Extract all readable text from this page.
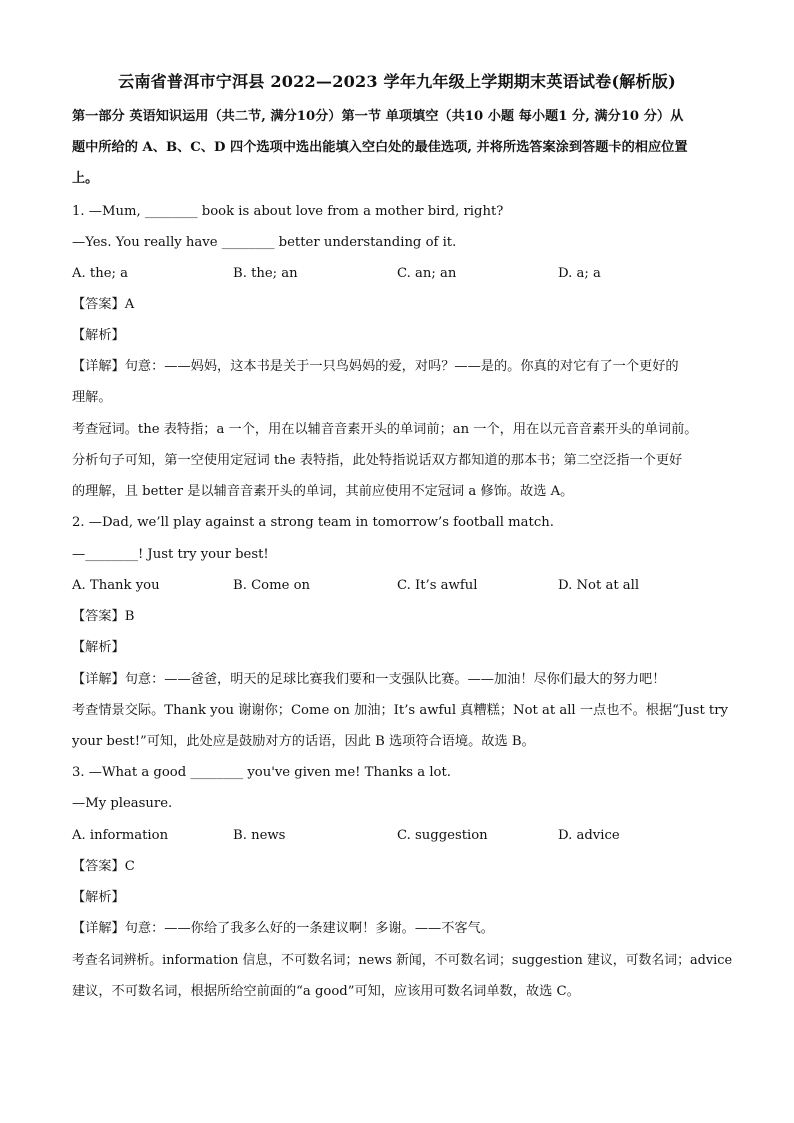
云南省普洱市宁洱县 2022—2023 学年九年级上学期期末英语试卷(解析版)
第一部分 英语知识运用（共二节, 满分10分）第一节 单项填空（共10 小题 每小题1 分, 满分10 分）从
题中所给的 A、B、C、D 四个选项中选出能填入空白处的最佳选项, 并将所选答案涂到答题卡的相应位置
上。
1. —Mum, ________ book is about love from a mother bird, right?
—Yes. You really have ________ better understanding of it.
A. the; a	B. the; an	C. an; an	D. a; a
【答案】A
【解析】
【详解】句意：——妈妈，这本书是关于一只鸟妈妈的爱，对吗？——是的。你真的对它有了一个更好的
理解。
考查冠词。the 表特指；a 一个，用在以辅音音素开头的单词前；an 一个，用在以元音音素开头的单词前。
分析句子可知，第一空使用定冠词 the 表特指，此处特指说话双方都知道的那本书；第二空泛指一个更好
的理解，且 better 是以辅音音素开头的单词，其前应使用不定冠词 a 修饰。故选 A。
2. —Dad, we’ll play against a strong team in tomorrow’s football match.
—________! Just try your best!
A. Thank you	B. Come on	C. It’s awful	D. Not at all
【答案】B
【解析】
【详解】句意：——爸爸，明天的足球比赛我们要和一支强队比赛。——加油！尽你们最大的努力吧！
考查情景交际。Thank you 谢谢你；Come on 加油；It’s awful 真糟糕；Not at all 一点也不。根据“Just try
your best!”可知，此处应是鼓励对方的话语，因此 B 选项符合语境。故选 B。
3. —What a good ________ you've given me! Thanks a lot.
—My pleasure.
A. information	B. news	C. suggestion	D. advice
【答案】C
【解析】
【详解】句意：——你给了我多么好的一条建议啊！多谢。——不客气。
考查名词辨析。information 信息，不可数名词；news 新闻，不可数名词；suggestion 建议，可数名词；advice
建议，不可数名词，根据所给空前面的“a good”可知，应该用可数名词单数，故选 C。
